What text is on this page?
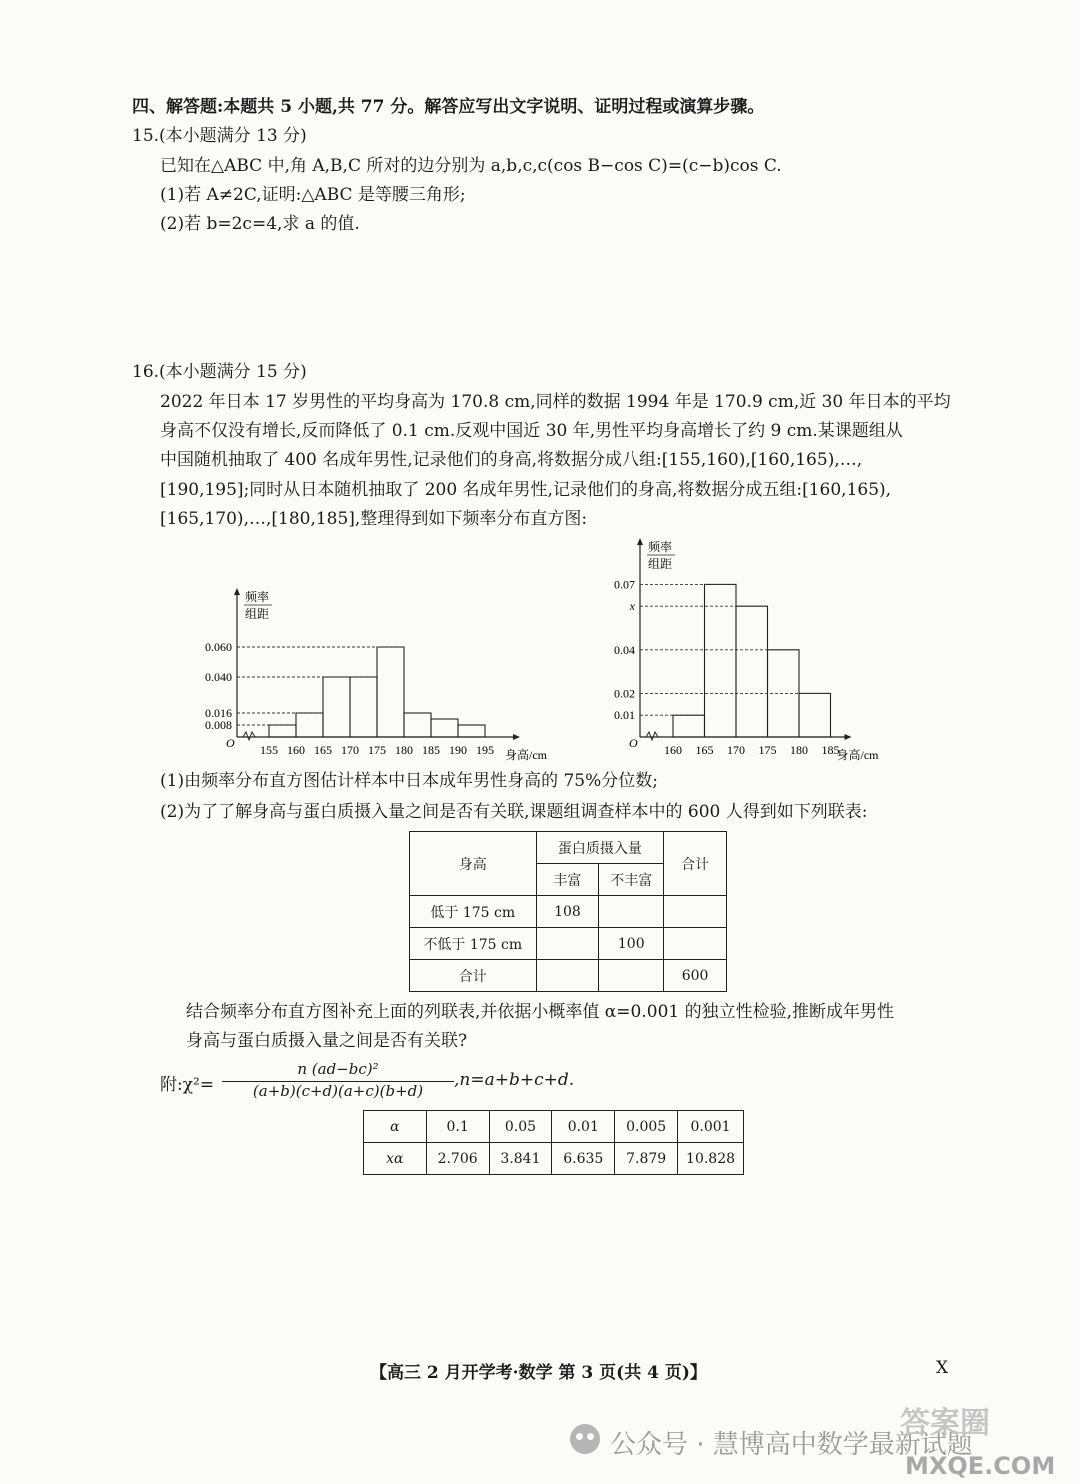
四、解答题:本题共 5 小题,共 77 分。解答应写出文字说明、证明过程或演算步骤。
15.(本小题满分 13 分)
已知在△ABC 中,角 A,B,C 所对的边分别为 a,b,c,c(cos B−cos C)=(c−b)cos C.
(1)若 A≠2C,证明:△ABC 是等腰三角形;
(2)若 b=2c=4,求 a 的值.
16.(本小题满分 15 分)
2022 年日本 17 岁男性的平均身高为 170.8 cm,同样的数据 1994 年是 170.9 cm,近 30 年日本的平均
身高不仅没有增长,反而降低了 0.1 cm.反观中国近 30 年,男性平均身高增长了约 9 cm.某课题组从
中国随机抽取了 400 名成年男性,记录他们的身高,将数据分成八组:[155,160),[160,165),…,
[190,195];同时从日本随机抽取了 200 名成年男性,记录他们的身高,将数据分成五组:[160,165),
[165,170),…,[180,185],整理得到如下频率分布直方图:
频率
组距
O
0.060
0.040
0.016
0.008
155 160 165 170 175 180 185 190 195 身高/cm
频率
组距
O
0.07
x
0.04
0.02
0.01
160 165 170 175 180 185
身高/cm
(1)由频率分布直方图估计样本中日本成年男性身高的 75%分位数;
(2)为了了解身高与蛋白质摄入量之间是否有关联,课题组调查样本中的 600 人得到如下列联表:
身高	蛋白质摄入量		合计
	丰富	不丰富	
低于 175 cm	108		
不低于 175 cm		100	
合计			600
结合频率分布直方图补充上面的列联表,并依据小概率值 α=0.001 的独立性检验,推断成年男性
身高与蛋白质摄入量之间是否有关联?
附:χ²=
n (ad−bc)²
(a+b)(c+d)(a+c)(b+d)
,n=a+b+c+d.
α	0.1	0.05	0.01	0.005	0.001
xα	2.706	3.841	6.635	7.879	10.828
【高三 2 月开学考·数学 第 3 页(共 4 页)】	X
公众号 · 慧博高中数学最新试题
答案圈
MXQE.COM
